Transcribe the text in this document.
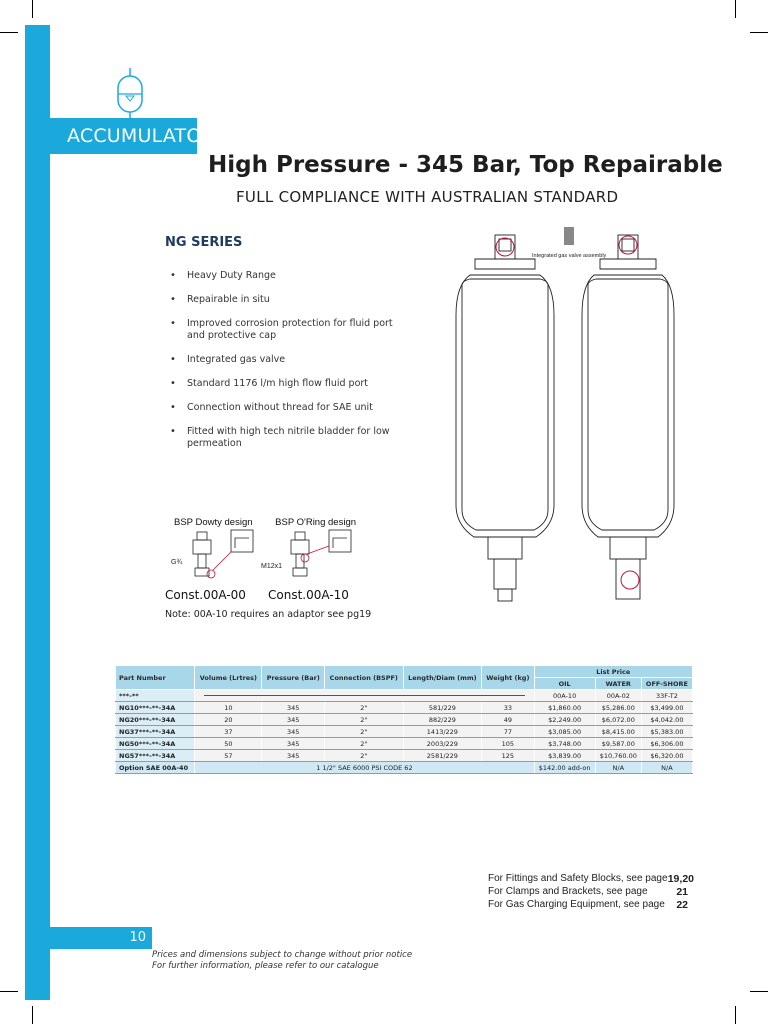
ACCUMULATOR
High Pressure - 345 Bar, Top Repairable
FULL COMPLIANCE WITH AUSTRALIAN STANDARD
NG SERIES
• Heavy Duty Range
• Repairable in situ
• Improved corrosion protection for fluid port and protective cap
• Integrated gas valve
• Standard 1176 l/m high flow fluid port
• Connection without thread for SAE unit
• Fitted with high tech nitrile bladder for low permeation
BSP Dowty design BSP O'Ring design
G¾
M12x1
Const.00A-00 Const.00A-10
Note: 00A-10 requires an adaptor see pg19
Integrated gas valve assembly
Part Number	Volume (Lrtres)	Pressure (Bar)	Connection (BSPF)	Length/Diam (mm)	Weight (kg)	List Price		
						OIL	WATER	OFF-SHORE
***-**						00A-10	00A-02	33F-T2
NG10***-**-34A	10	345	2"	581/229	33	$1,860.00	$5,286.00	$3,499.00
NG20***-**-34A	20	345	2"	882/229	49	$2,249.00	$6,072.00	$4,042.00
NG37***-**-34A	37	345	2"	1413/229	77	$3,085.00	$8,415.00	$5,383.00
NG50***-**-34A	50	345	2"	2003/229	105	$3,748.00	$9,587.00	$6,306.00
NG57***-**-34A	57	345	2"	2581/229	125	$3,839.00	$10,760.00	$6,320.00
Option SAE 00A-40	1 1/2" SAE 6000 PSI CODE 62					$142.00 add-on	N/A	N/A
For Fittings and Safety Blocks, see page 19,20
For Clamps and Brackets, see page	21
For Gas Charging Equipment, see page 22
10
Prices and dimensions subject to change without prior notice
For further information, please refer to our catalogue
